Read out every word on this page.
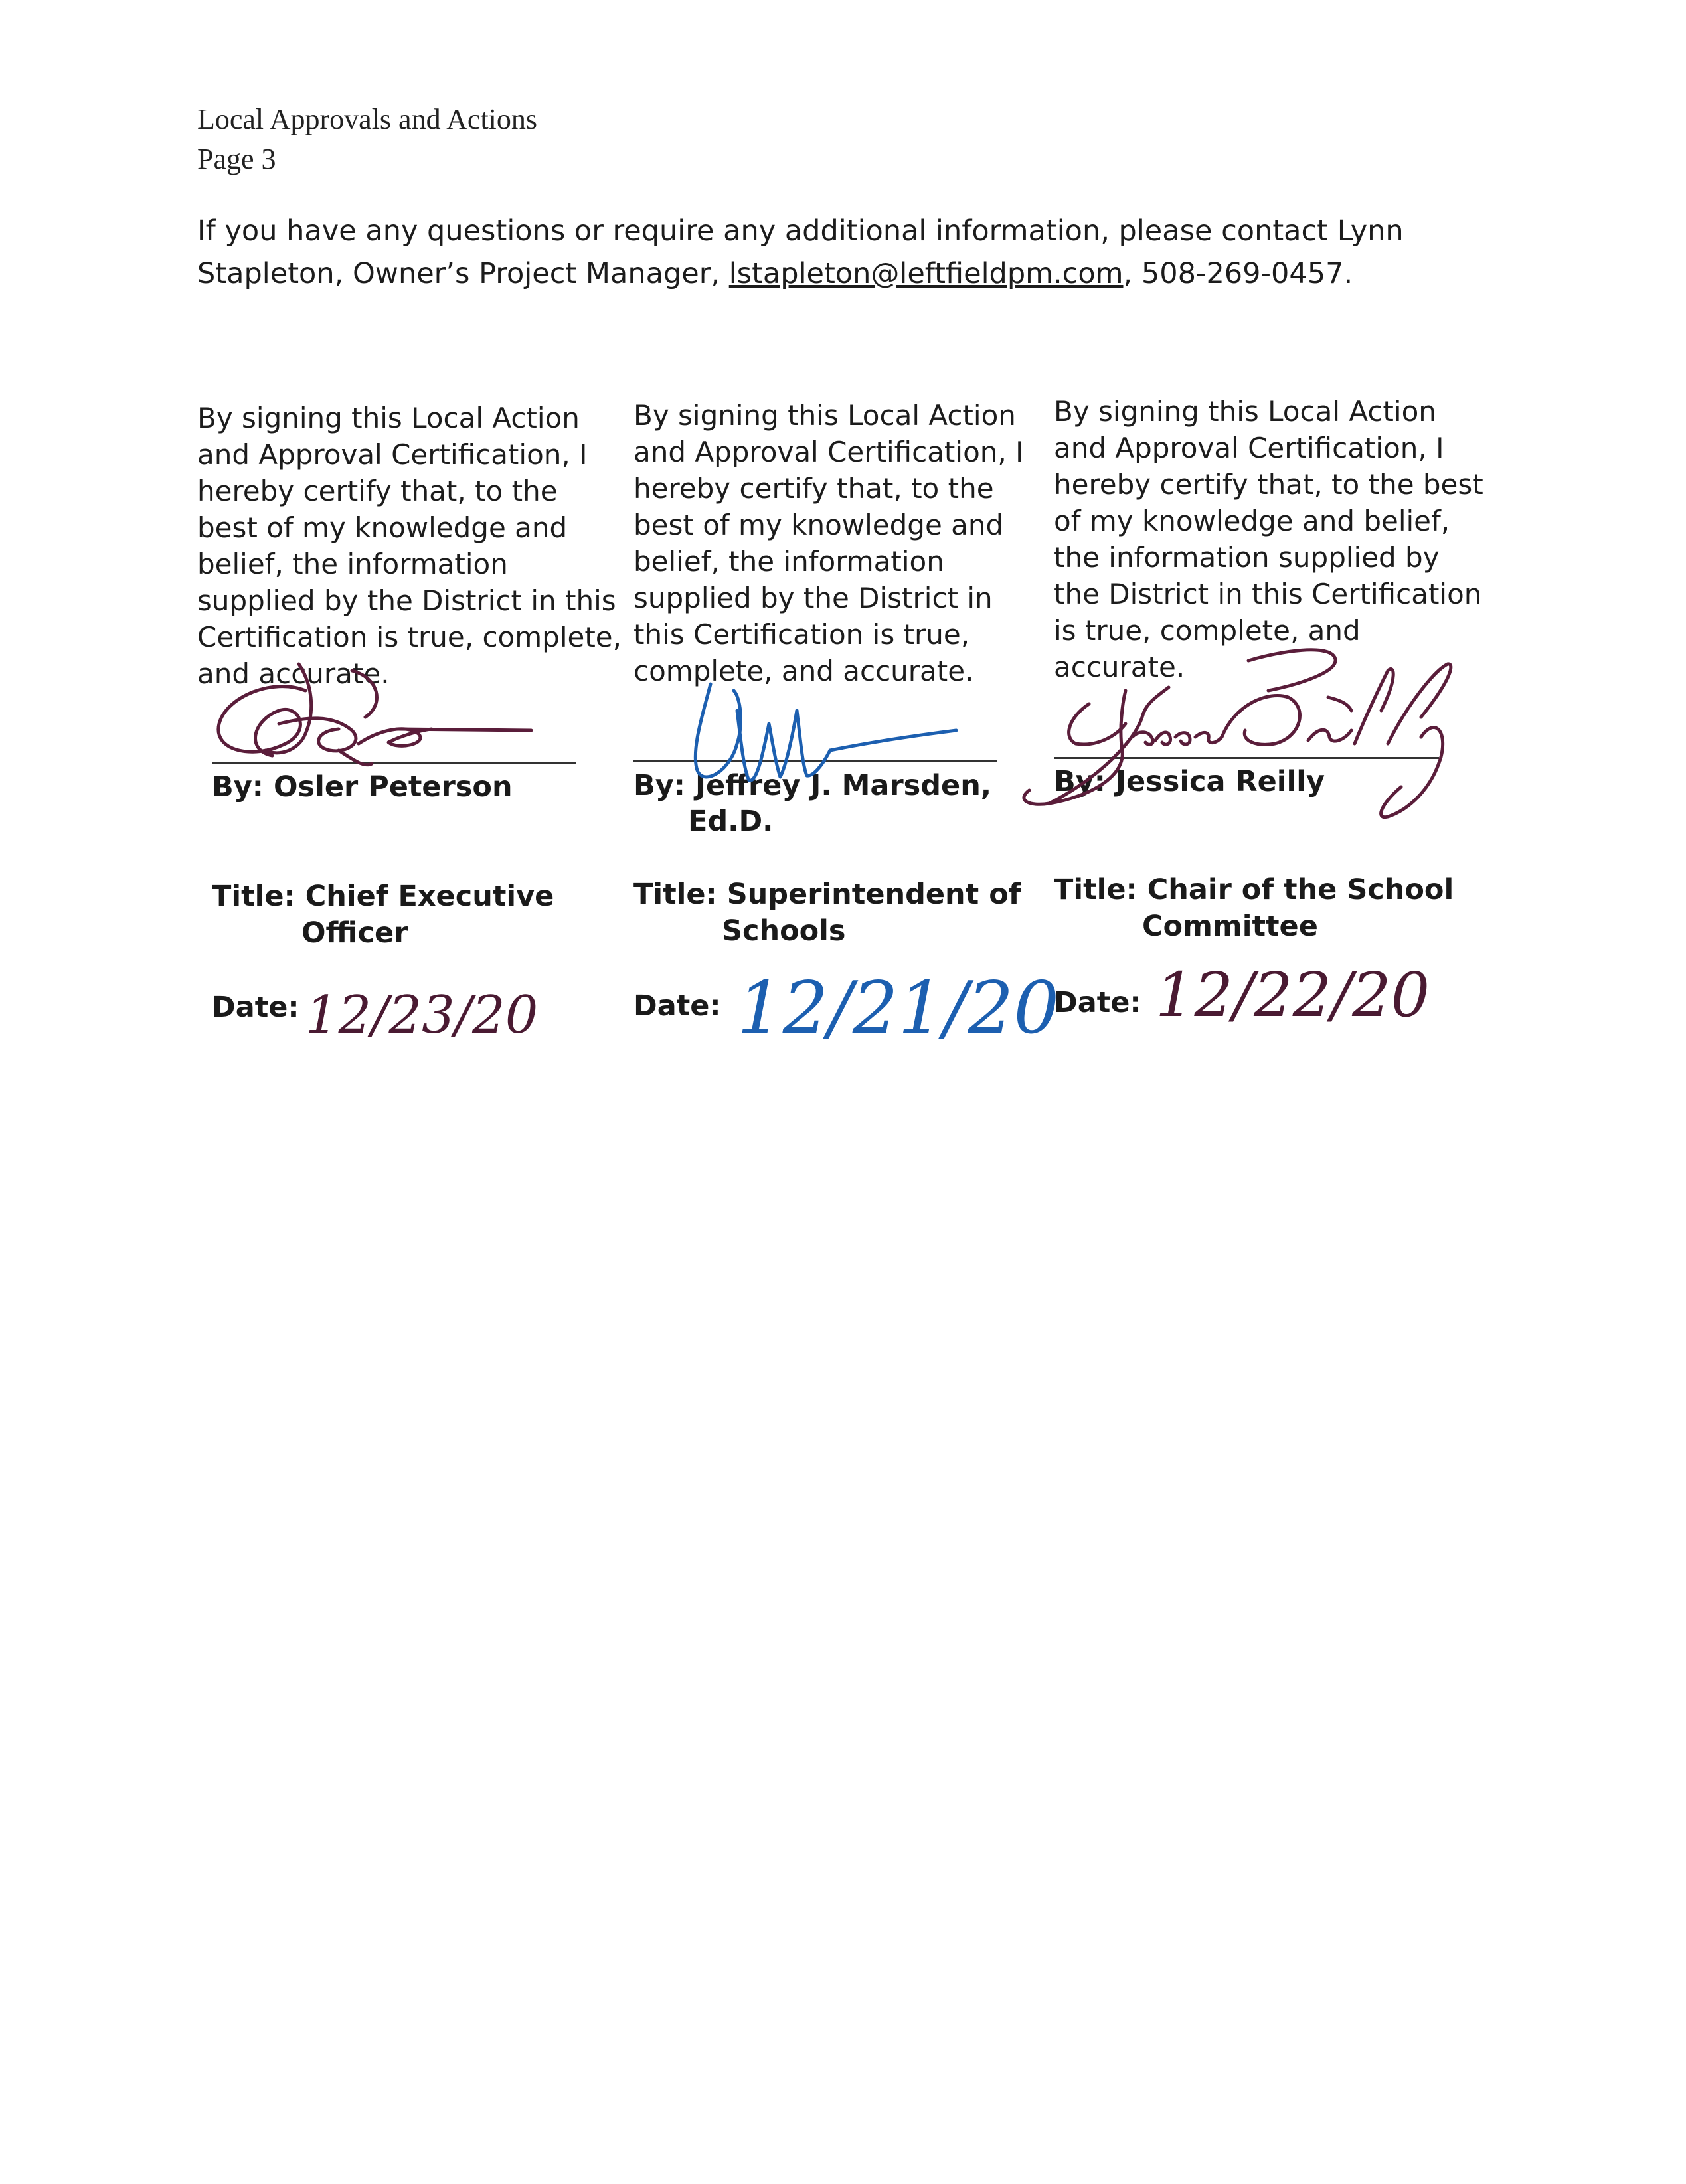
Local Approvals and Actions
Page 3
If you have any questions or require any additional information, please contact Lynn Stapleton, Owner’s Project Manager, lstapleton@leftfieldpm.com, 508-269-0457.
By signing this Local Action
and Approval Certification, I
hereby certify that, to the
best of my knowledge and
belief, the information
supplied by the District in this
Certification is true, complete,
and accurate.
By: Osler Peterson
Title: Chief Executive
Officer
Date:
By signing this Local Action
and Approval Certification, I
hereby certify that, to the
best of my knowledge and
belief, the information
supplied by the District in
this Certification is true,
complete, and accurate.
By: Jeffrey J. Marsden,
Ed.D.
Title: Superintendent of
Schools
Date:
By signing this Local Action
and Approval Certification, I
hereby certify that, to the best
of my knowledge and belief,
the information supplied by
the District in this Certification
is true, complete, and
accurate.
By: Jessica Reilly
Title: Chair of the School
Committee
Date:
12/23/20	12/21/20 12/22/20
